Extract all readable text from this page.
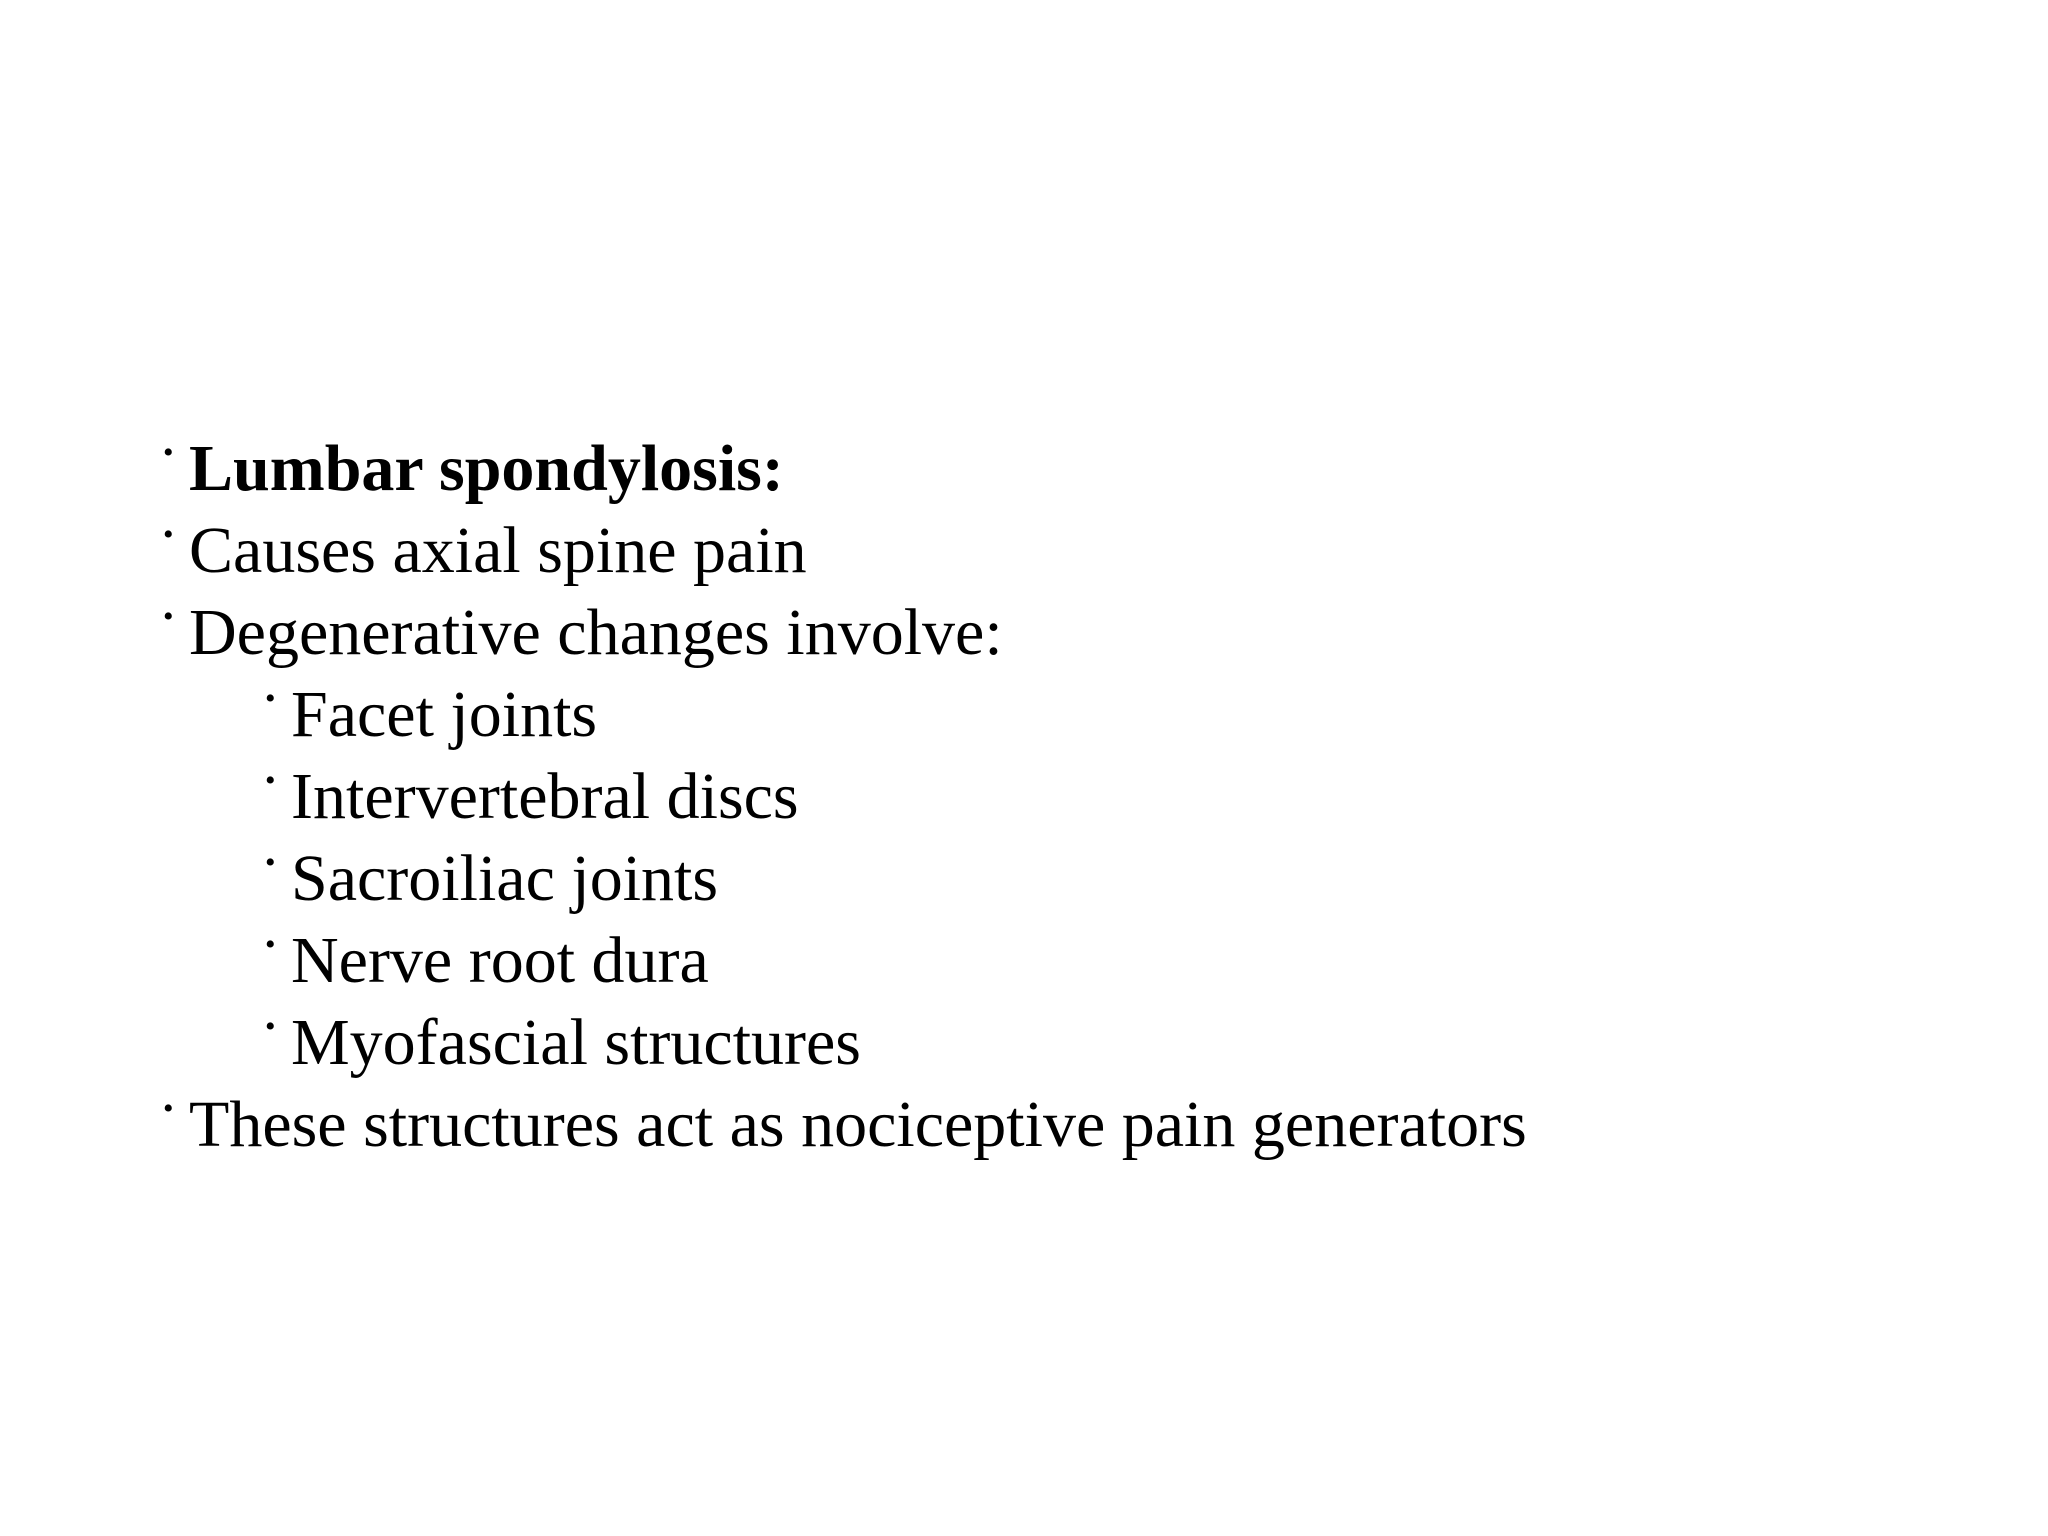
• Lumbar spondylosis:
• Causes axial spine pain
• Degenerative changes involve:
• Facet joints
• Intervertebral discs
• Sacroiliac joints
• Nerve root dura
• Myofascial structures
• These structures act as nociceptive pain generators
